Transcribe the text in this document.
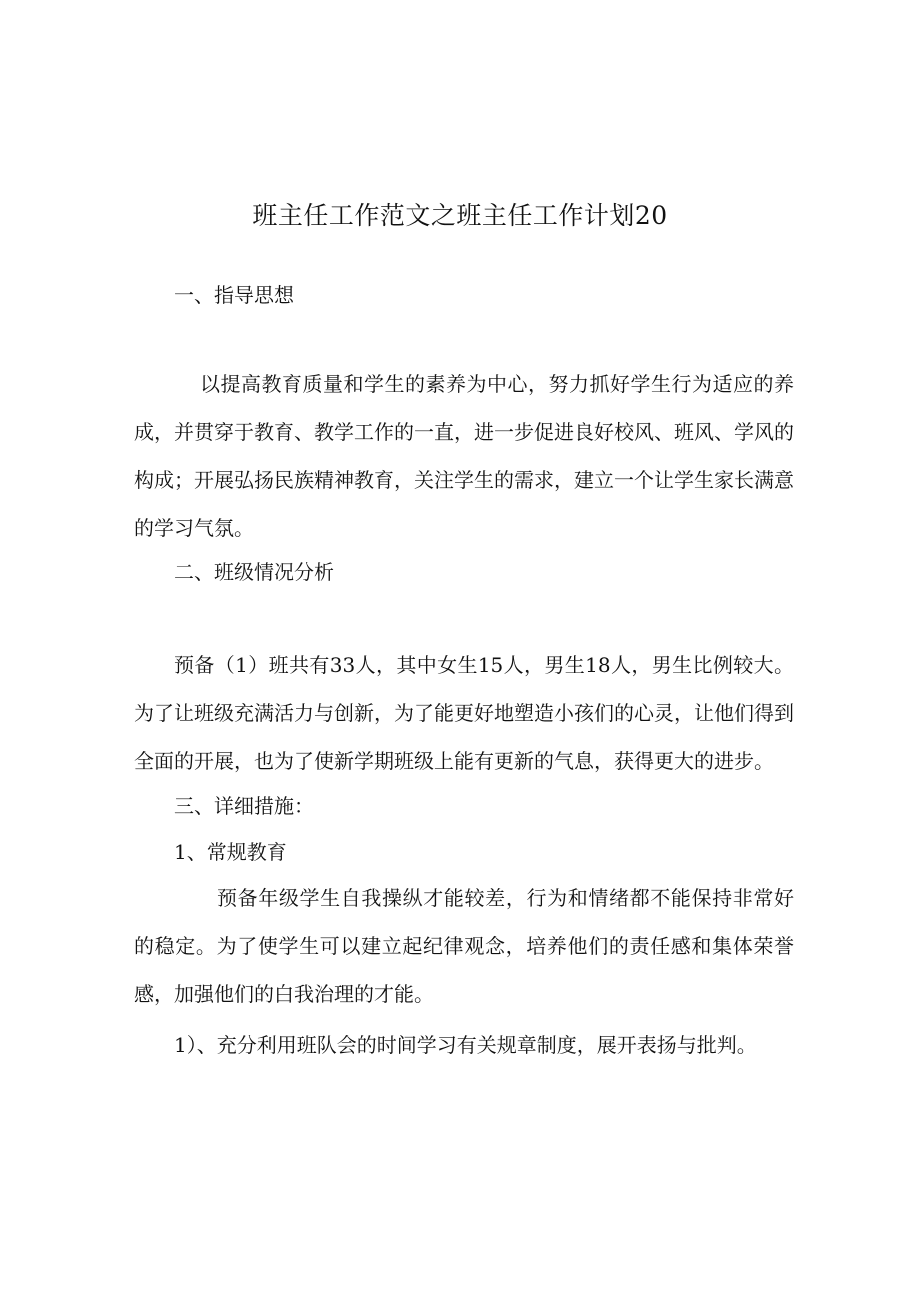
班主任工作范文之班主任工作计划20
一、指导思想

以提高教育质量和学生的素养为中心，努力抓好学生行为适应的养成，并贯穿于教育、教学工作的一直，进一步促进良好校风、班风、学风的构成；开展弘扬民族精神教育，关注学生的需求，建立一个让学生家长满意的学习气氛。

二、班级情况分析

预备（1）班共有33人，其中女生15人，男生18人，男生比例较大。为了让班级充满活力与创新，为了能更好地塑造小孩们的心灵，让他们得到全面的开展，也为了使新学期班级上能有更新的气息，获得更大的进步。

三、详细措施：
1、常规教育

预备年级学生自我操纵才能较差，行为和情绪都不能保持非常好的稳定。为了使学生可以建立起纪律观念，培养他们的责任感和集体荣誉感，加强他们的白我治理的才能。

1）、充分利用班队会的时间学习有关规章制度，展开表扬与批判。
